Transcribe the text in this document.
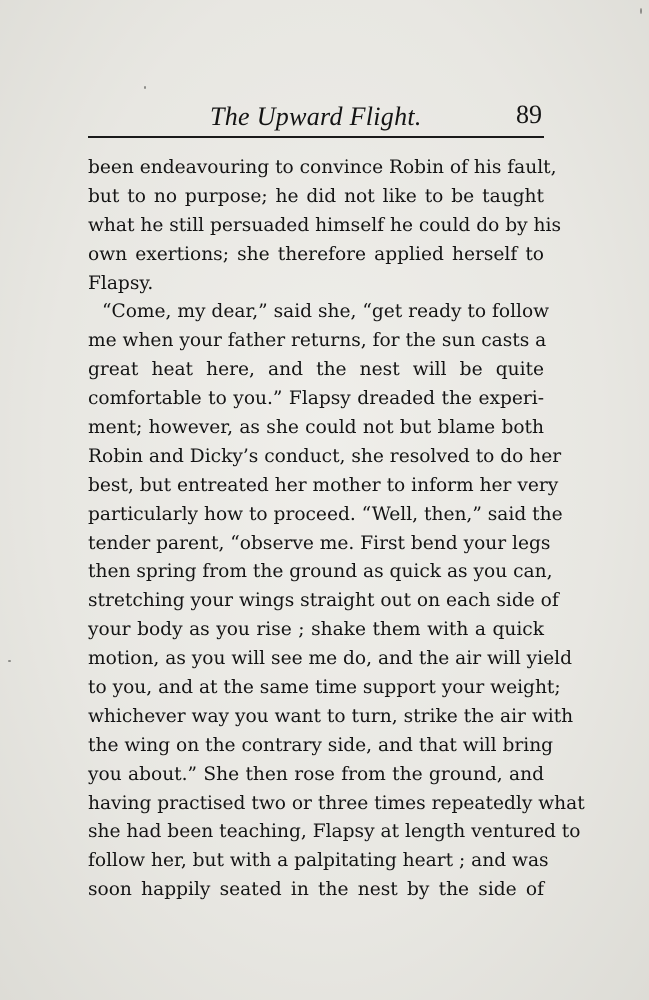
The Upward Flight.	89
been endeavouring to convince Robin of his fault,
but to no purpose; he did not like to be taught
what he still persuaded himself he could do by his
own exertions; she therefore applied herself to
Flapsy.
“Come, my dear,” said she, “get ready to follow
me when your father returns, for the sun casts a
great heat here, and the nest will be quite
comfortable to you.” Flapsy dreaded the experi-
ment; however, as she could not but blame both
Robin and Dicky’s conduct, she resolved to do her
best, but entreated her mother to inform her very
particularly how to proceed. “Well, then,” said the
tender parent, “observe me. First bend your legs
then spring from the ground as quick as you can,
stretching your wings straight out on each side of
your body as you rise ; shake them with a quick
motion, as you will see me do, and the air will yield
to you, and at the same time support your weight;
whichever way you want to turn, strike the air with
the wing on the contrary side, and that will bring
you about.” She then rose from the ground, and
having practised two or three times repeatedly what
she had been teaching, Flapsy at length ventured to
follow her, but with a palpitating heart ; and was
soon happily seated in the nest by the side of
